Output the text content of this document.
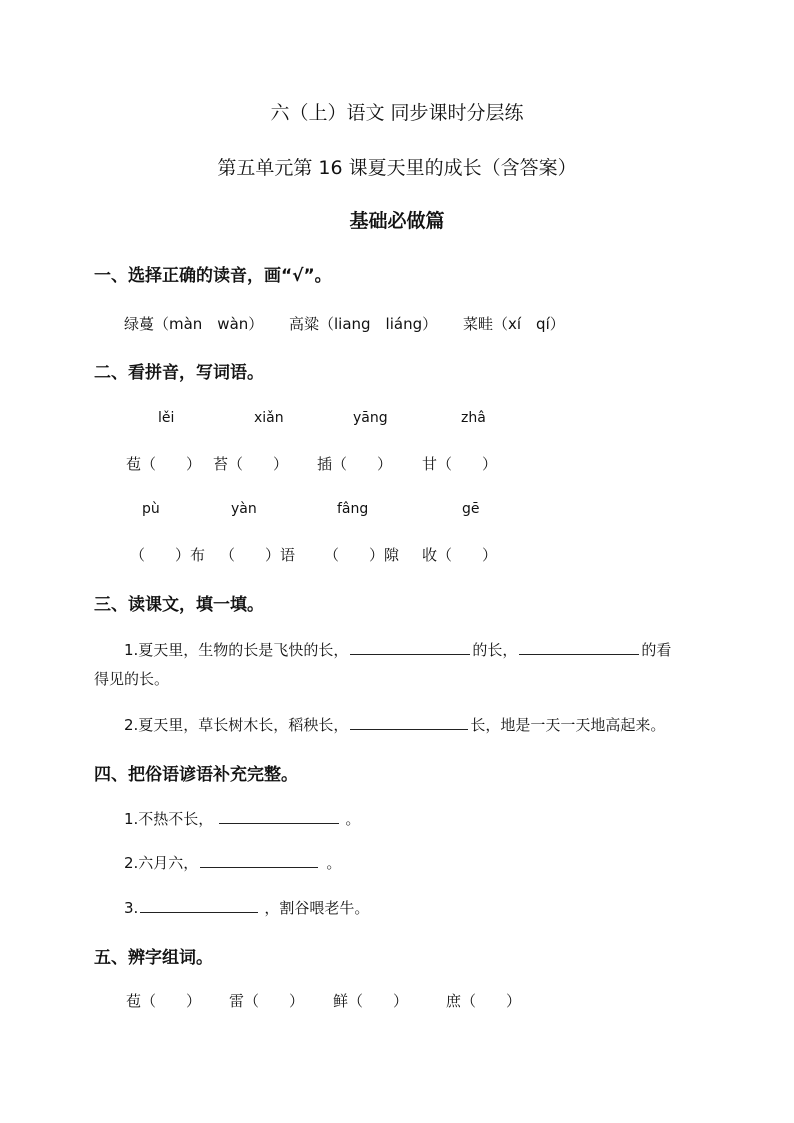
六（上）语文 同步课时分层练
第五单元第 16 课夏天里的成长（含答案）
基础必做篇
一、选择正确的读音，画“√”。
绿蔓（màn　wàn） 高粱（liang　liáng） 菜畦（xí　qí）
二、看拼音，写词语。
lěi	xiǎn	yāng	zhâ
苞（　　） 苔（　　） 插（　　） 甘（　　）
pù	yàn	fâng	gē
（　　）布 （　　）语 （　　）隙 收（　　）
三、读课文，填一填。
1.夏天里，生物的长是飞快的长，	的长，	的看
得见的长。
2.夏天里，草长树木长，稻秧长，	长，地是一天一天地高起来。
四、把俗语谚语补充完整。
1.不热不长，	。
2.六月六，	。
3.	，割谷喂老牛。
五、辨字组词。
苞（　　） 雷（　　） 鲜（　　）	庶（　　）
